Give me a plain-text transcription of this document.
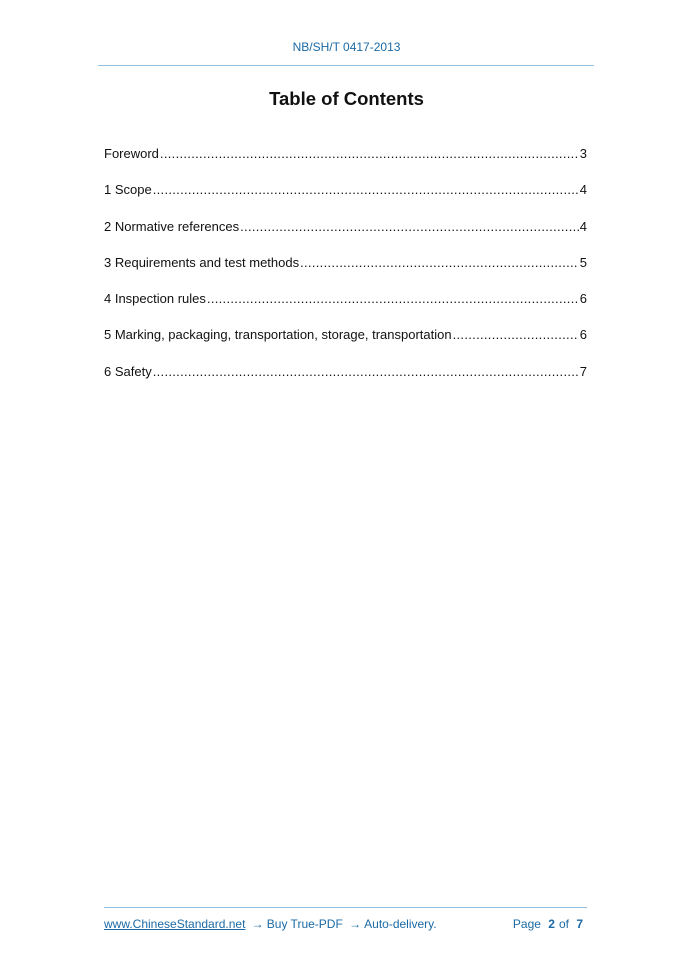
NB/SH/T 0417-2013
Table of Contents
Foreword .....	3
1 Scope .....	4
2 Normative references .....	4
3 Requirements and test methods .....	5
4 Inspection rules .....	6
5 Marking, packaging, transportation, storage, transportation .....	6
6 Safety .....	7
www.ChineseStandard.net → Buy True-PDF → Auto-delivery.	Page 2 of 7
